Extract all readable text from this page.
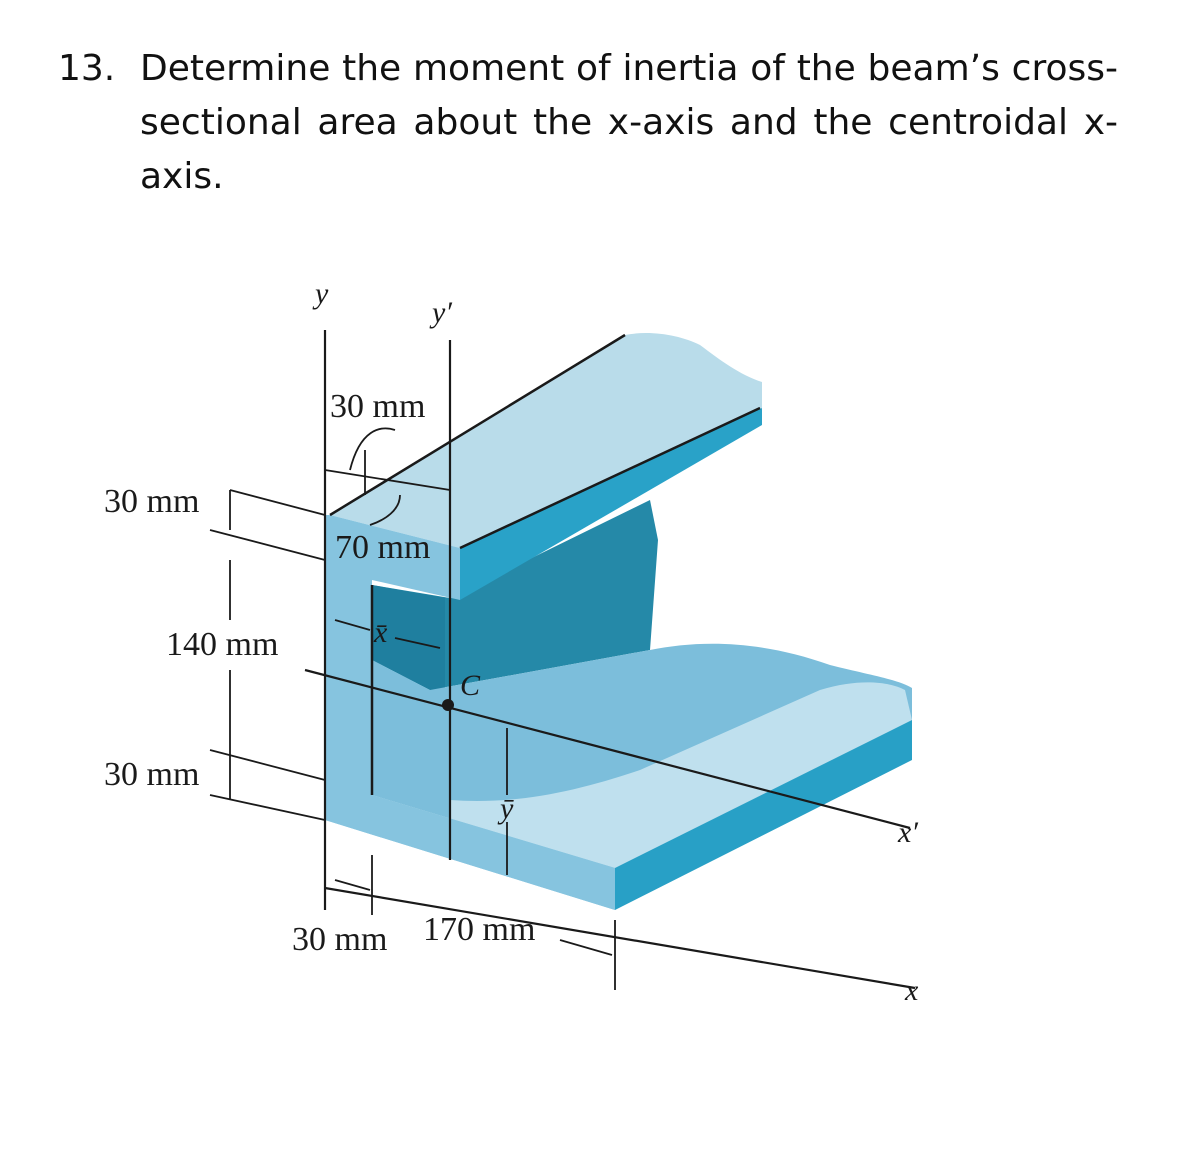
13. Determine the moment of inertia of the beam’s cross-sectional area about the x-axis and the centroidal x-axis.
y
y′
x′
x
C
x̄
ȳ
30 mm
70 mm
30 mm
140 mm
30 mm
30 mm 170 mm
